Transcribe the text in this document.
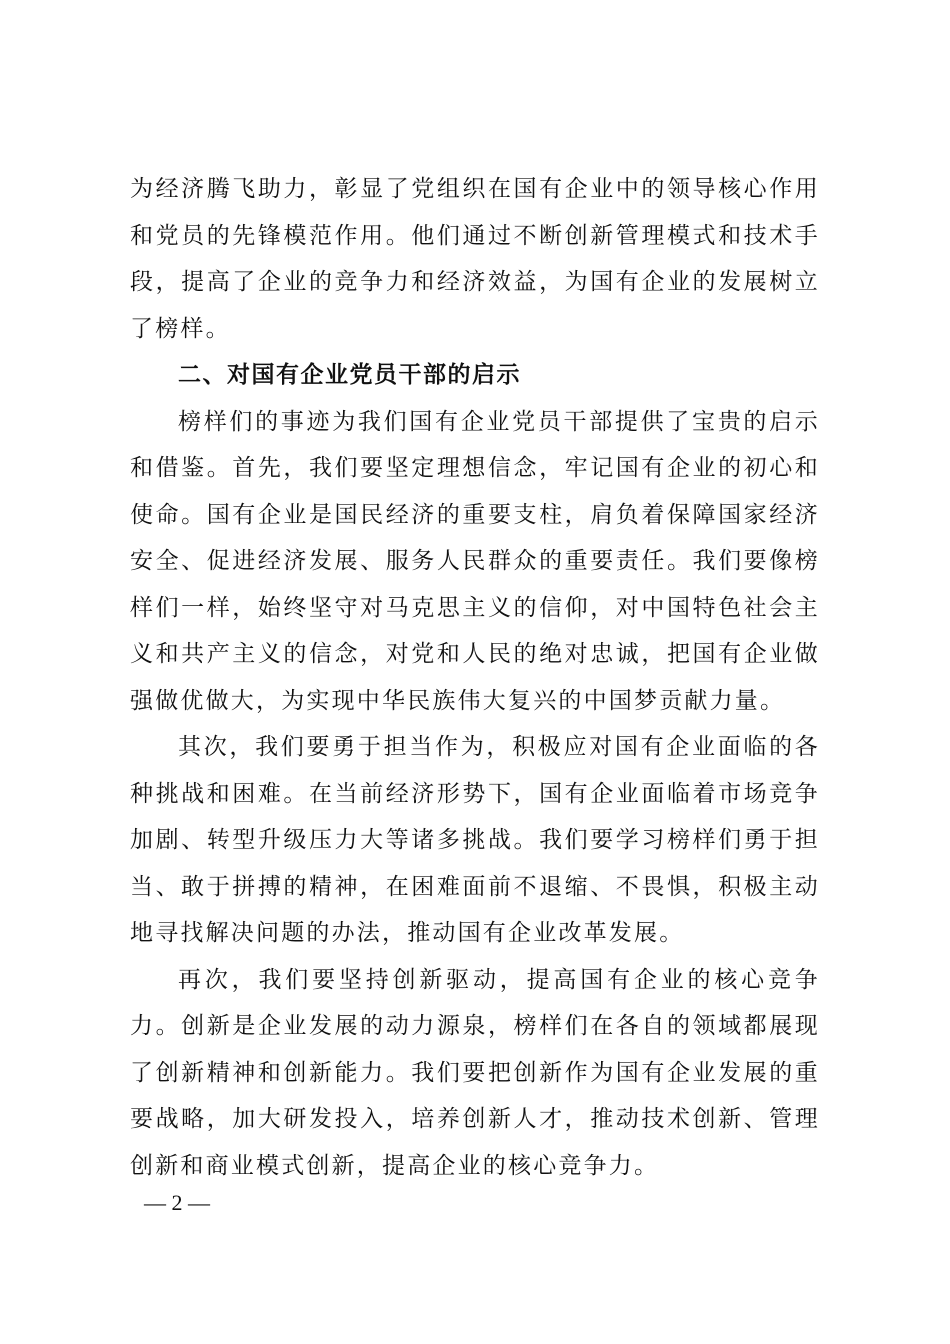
为经济腾飞助力，彰显了党组织在国有企业中的领导核心作用和党员的先锋模范作用。他们通过不断创新管理模式和技术手段，提高了企业的竞争力和经济效益，为国有企业的发展树立了榜样。

二、对国有企业党员干部的启示

榜样们的事迹为我们国有企业党员干部提供了宝贵的启示和借鉴。首先，我们要坚定理想信念，牢记国有企业的初心和使命。国有企业是国民经济的重要支柱，肩负着保障国家经济安全、促进经济发展、服务人民群众的重要责任。我们要像榜样们一样，始终坚守对马克思主义的信仰，对中国特色社会主义和共产主义的信念，对党和人民的绝对忠诚，把国有企业做强做优做大，为实现中华民族伟大复兴的中国梦贡献力量。

其次，我们要勇于担当作为，积极应对国有企业面临的各种挑战和困难。在当前经济形势下，国有企业面临着市场竞争加剧、转型升级压力大等诸多挑战。我们要学习榜样们勇于担当、敢于拼搏的精神，在困难面前不退缩、不畏惧，积极主动地寻找解决问题的办法，推动国有企业改革发展。

再次，我们要坚持创新驱动，提高国有企业的核心竞争力。创新是企业发展的动力源泉，榜样们在各自的领域都展现了创新精神和创新能力。我们要把创新作为国有企业发展的重要战略，加大研发投入，培养创新人才，推动技术创新、管理创新和商业模式创新，提高企业的核心竞争力。

— 2 —
